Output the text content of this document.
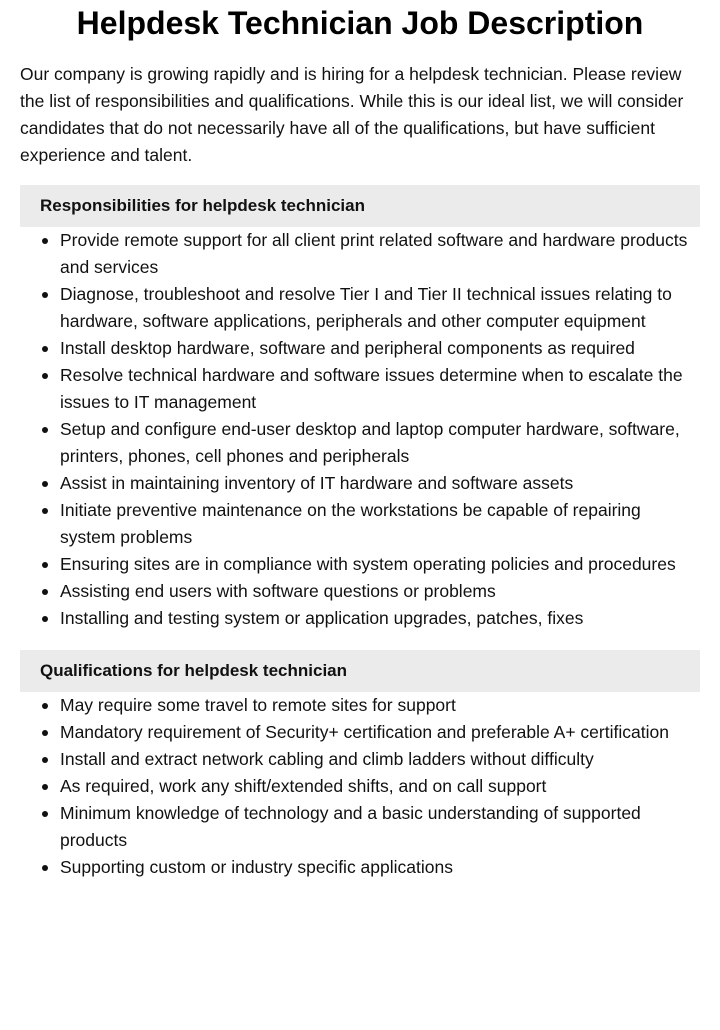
Helpdesk Technician Job Description

Our company is growing rapidly and is hiring for a helpdesk technician. Please review the list of responsibilities and qualifications. While this is our ideal list, we will consider candidates that do not necessarily have all of the qualifications, but have sufficient experience and talent.

Responsibilities for helpdesk technician
Provide remote support for all client print related software and hardware products and services
Diagnose, troubleshoot and resolve Tier I and Tier II technical issues relating to hardware, software applications, peripherals and other computer equipment
Install desktop hardware, software and peripheral components as required
Resolve technical hardware and software issues determine when to escalate the issues to IT management
Setup and configure end-user desktop and laptop computer hardware, software, printers, phones, cell phones and peripherals
Assist in maintaining inventory of IT hardware and software assets
Initiate preventive maintenance on the workstations be capable of repairing system problems
Ensuring sites are in compliance with system operating policies and procedures
Assisting end users with software questions or problems
Installing and testing system or application upgrades, patches, fixes
Qualifications for helpdesk technician
May require some travel to remote sites for support
Mandatory requirement of Security+ certification and preferable A+ certification
Install and extract network cabling and climb ladders without difficulty
As required, work any shift/extended shifts, and on call support
Minimum knowledge of technology and a basic understanding of supported products
Supporting custom or industry specific applications
